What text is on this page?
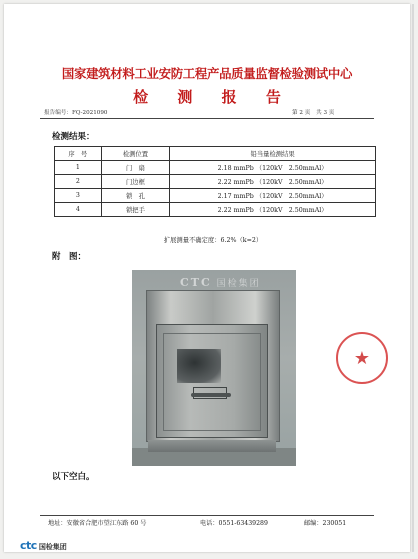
国家建筑材料工业安防工程产品质量监督检验测试中心
检 测 报 告
报告编号：FQ-2021090	第 2 页 共 3 页
检测结果：
序　号	检测位置	铅当量检测结果
1	门　扇	2.18 mmPb （120kV　2.50mmAl）
2	门边框	2.22 mmPb （120kV　2.50mmAl）
3	锁　孔	2.17 mmPb （120kV　2.50mmAl）
4	锁把手	2.22 mmPb （120kV　2.50mmAl）
扩展测量不确定度：6.2%（k=2）
附　图：
CTC 国检集团
★
以下空白。
地址：安徽省合肥市望江东路 60 号	电话：0551-63439289	邮编：230051
ctc 国检集团
